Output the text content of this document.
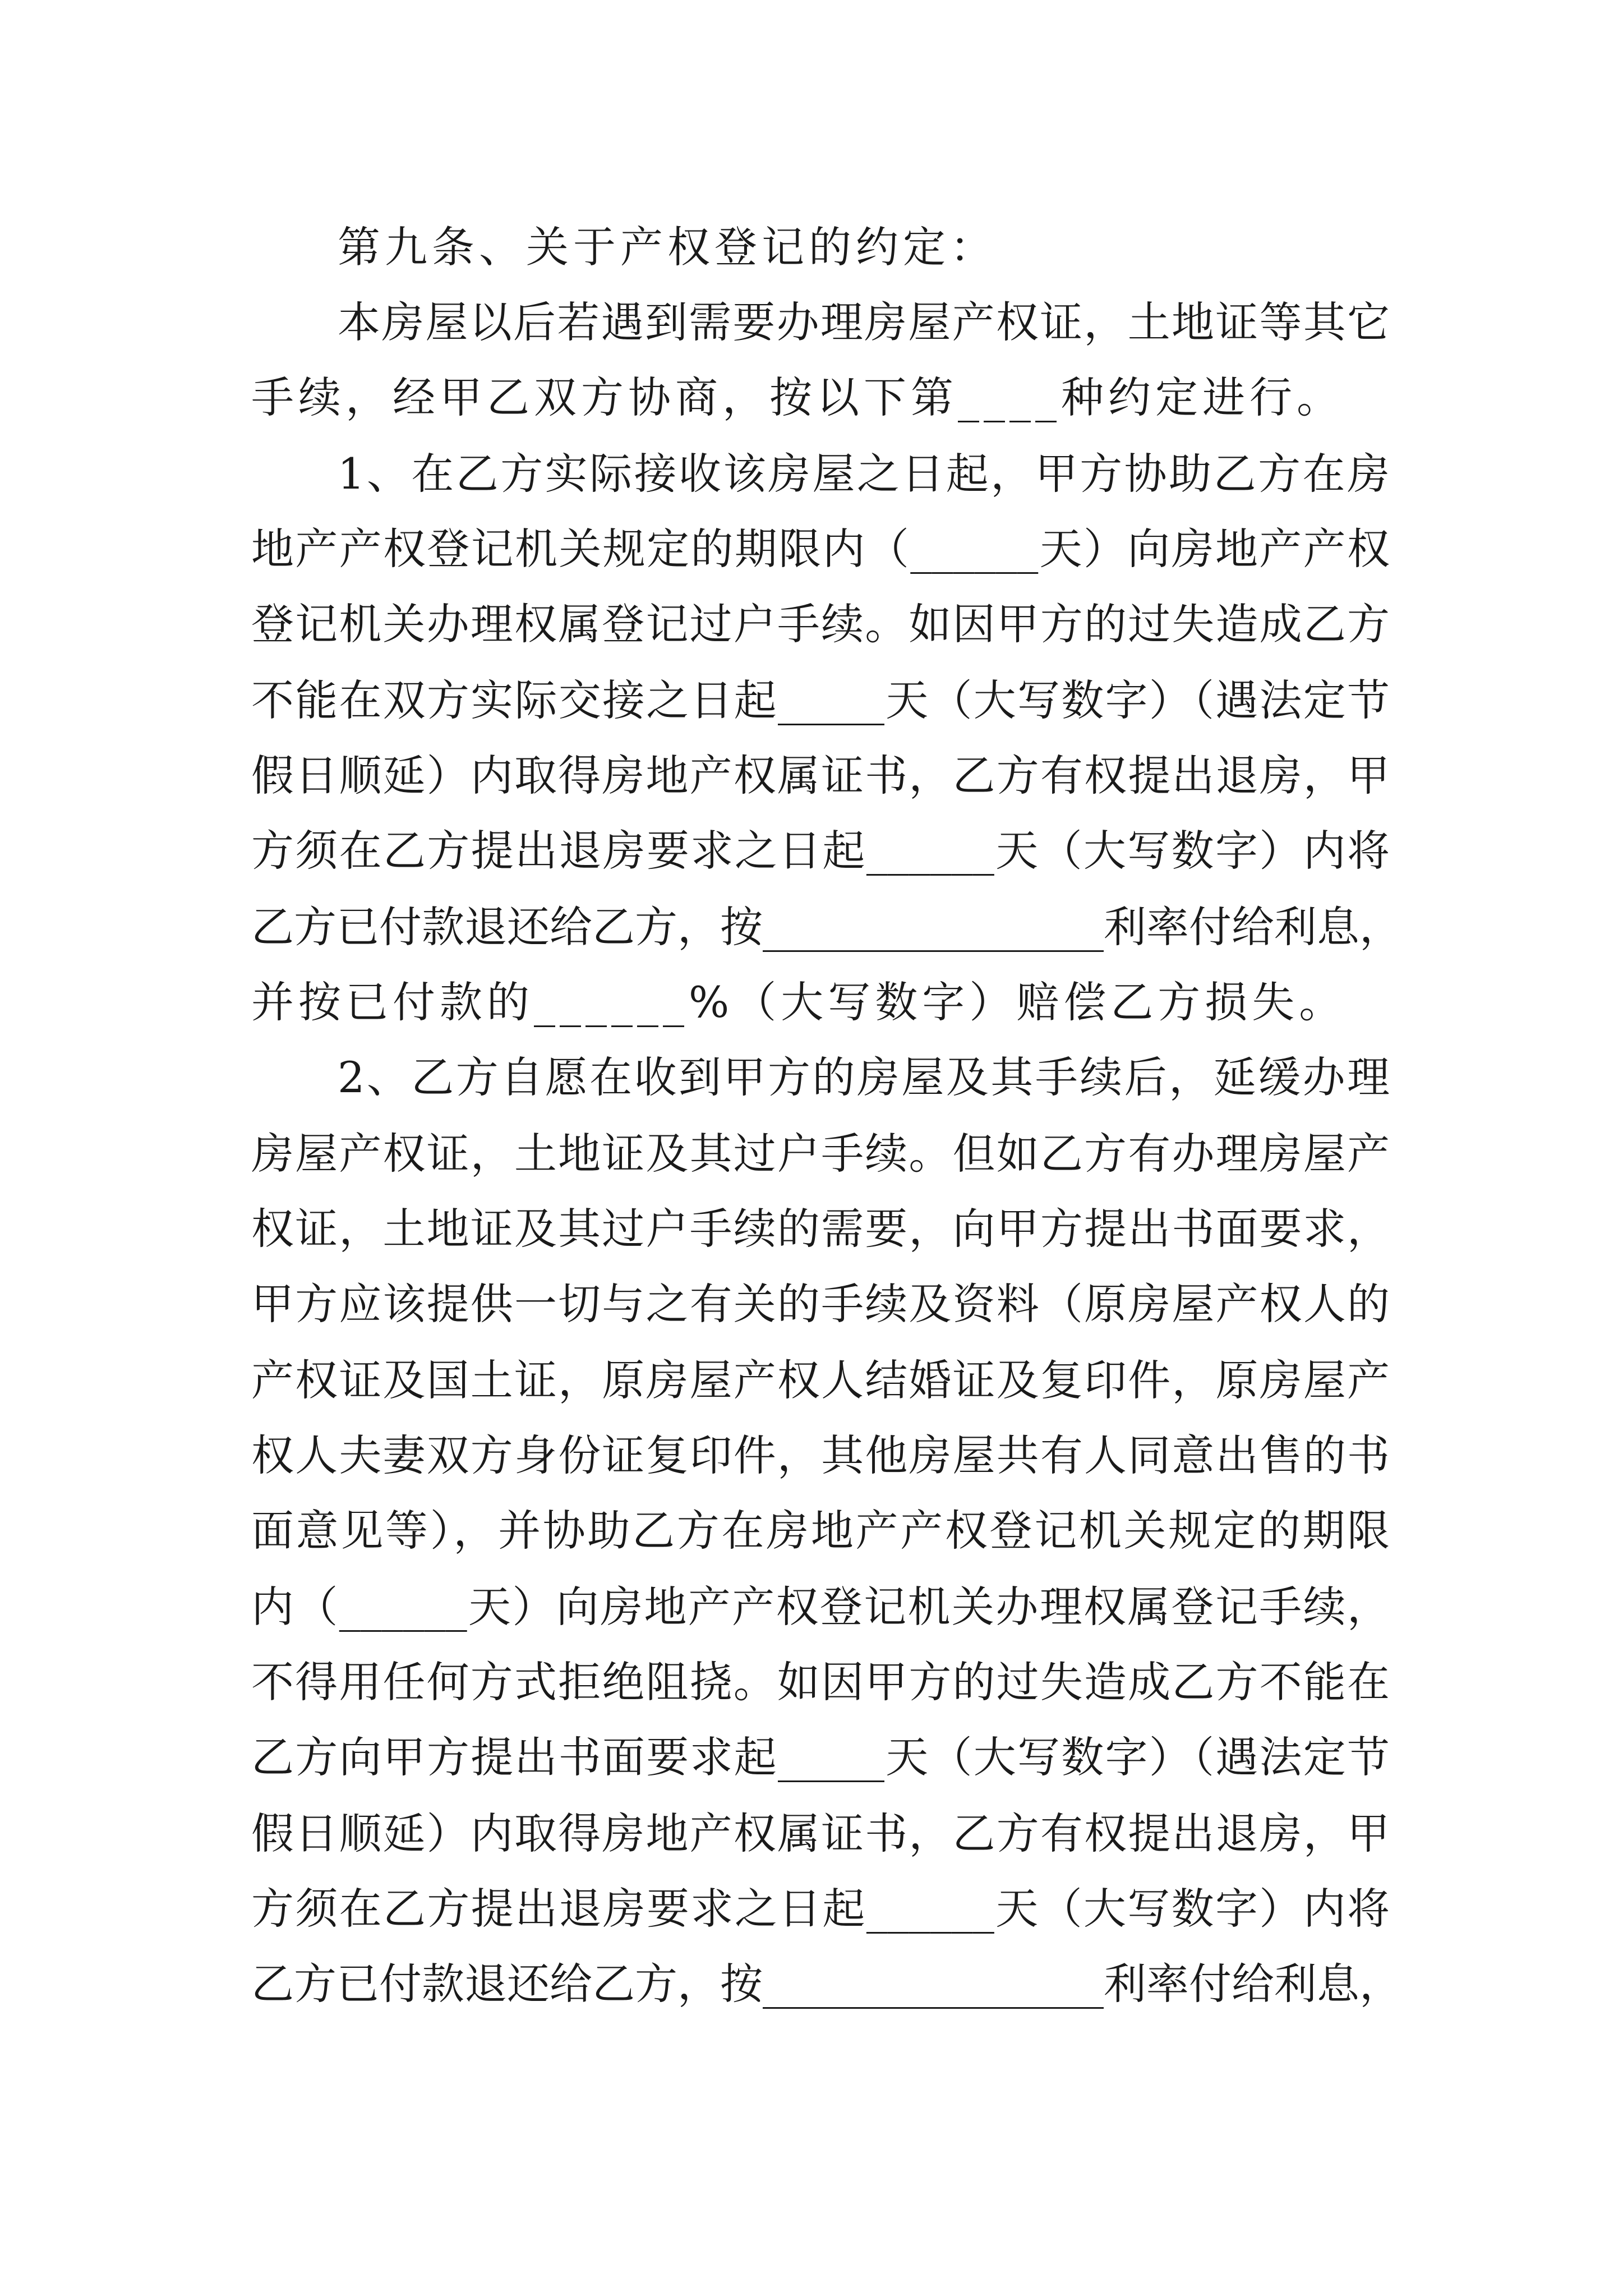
第九条、关于产权登记的约定：
本房屋以后若遇到需要办理房屋产权证，土地证等其它
手续，经甲乙双方协商，按以下第____种约定进行。
1、在乙方实际接收该房屋之日起，甲方协助乙方在房
地产产权登记机关规定的期限内（______天）向房地产产权
登记机关办理权属登记过户手续。如因甲方的过失造成乙方
不能在双方实际交接之日起_____天（大写数字）（遇法定节
假日顺延）内取得房地产权属证书，乙方有权提出退房，甲
方须在乙方提出退房要求之日起______天（大写数字）内将
乙方已付款退还给乙方，按________________利率付给利息，
并按已付款的______%（大写数字）赔偿乙方损失。
2、乙方自愿在收到甲方的房屋及其手续后，延缓办理
房屋产权证，土地证及其过户手续。但如乙方有办理房屋产
权证，土地证及其过户手续的需要，向甲方提出书面要求，
甲方应该提供一切与之有关的手续及资料（原房屋产权人的
产权证及国土证，原房屋产权人结婚证及复印件，原房屋产
权人夫妻双方身份证复印件，其他房屋共有人同意出售的书
面意见等），并协助乙方在房地产产权登记机关规定的期限
内（______天）向房地产产权登记机关办理权属登记手续，
不得用任何方式拒绝阻挠。如因甲方的过失造成乙方不能在
乙方向甲方提出书面要求起_____天（大写数字）（遇法定节
假日顺延）内取得房地产权属证书，乙方有权提出退房，甲
方须在乙方提出退房要求之日起______天（大写数字）内将
乙方已付款退还给乙方，按________________利率付给利息，
